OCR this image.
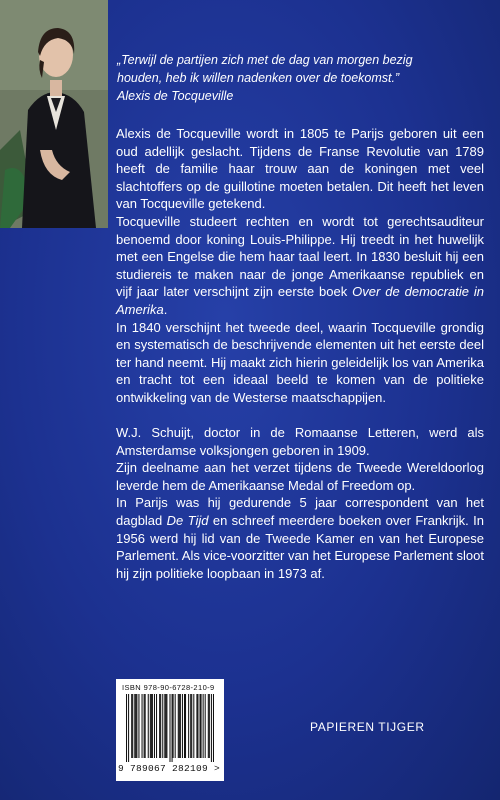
„Terwijl de partijen zich met de dag van morgen bezig

houden, heb ik willen nadenken over de toekomst.”

Alexis de Tocqueville

Alexis de Tocqueville wordt in 1805 te Parijs geboren uit een oud adellijk geslacht. Tijdens de Franse Revolutie van 1789 heeft de familie haar trouw aan de koningen met veel slachtoffers op de guillotine moeten betalen. Dit heeft het leven van Tocqueville getekend.

Tocqueville studeert rechten en wordt tot gerechtsauditeur benoemd door koning Louis-Philippe. Hij treedt in het huwelijk met een Engelse die hem haar taal leert. In 1830 besluit hij een studiereis te maken naar de jonge Amerikaanse republiek en vijf jaar later verschijnt zijn eerste boek Over de democratie in Amerika.

In 1840 verschijnt het tweede deel, waarin Tocqueville grondig en systematisch de beschrijvende elementen uit het eerste deel ter hand neemt. Hij maakt zich hierin geleidelijk los van Amerika en tracht tot een ideaal beeld te komen van de politieke ontwikkeling van de Westerse maatschappijen.

W.J. Schuijt, doctor in de Romaanse Letteren, werd als Amsterdamse volksjongen geboren in 1909.

Zijn deelname aan het verzet tijdens de Tweede Wereldoorlog leverde hem de Amerikaanse Medal of Freedom op.

In Parijs was hij gedurende 5 jaar correspondent van het dagblad De Tijd en schreef meerdere boeken over Frankrijk. In 1956 werd hij lid van de Tweede Kamer en van het Europese Parlement. Als vice-voorzitter van het Europese Parlement sloot hij zijn politieke loopbaan in 1973 af.

ISBN 978-90-6728-210-9
9 789067 282109 >
PAPIEREN TIJGER
